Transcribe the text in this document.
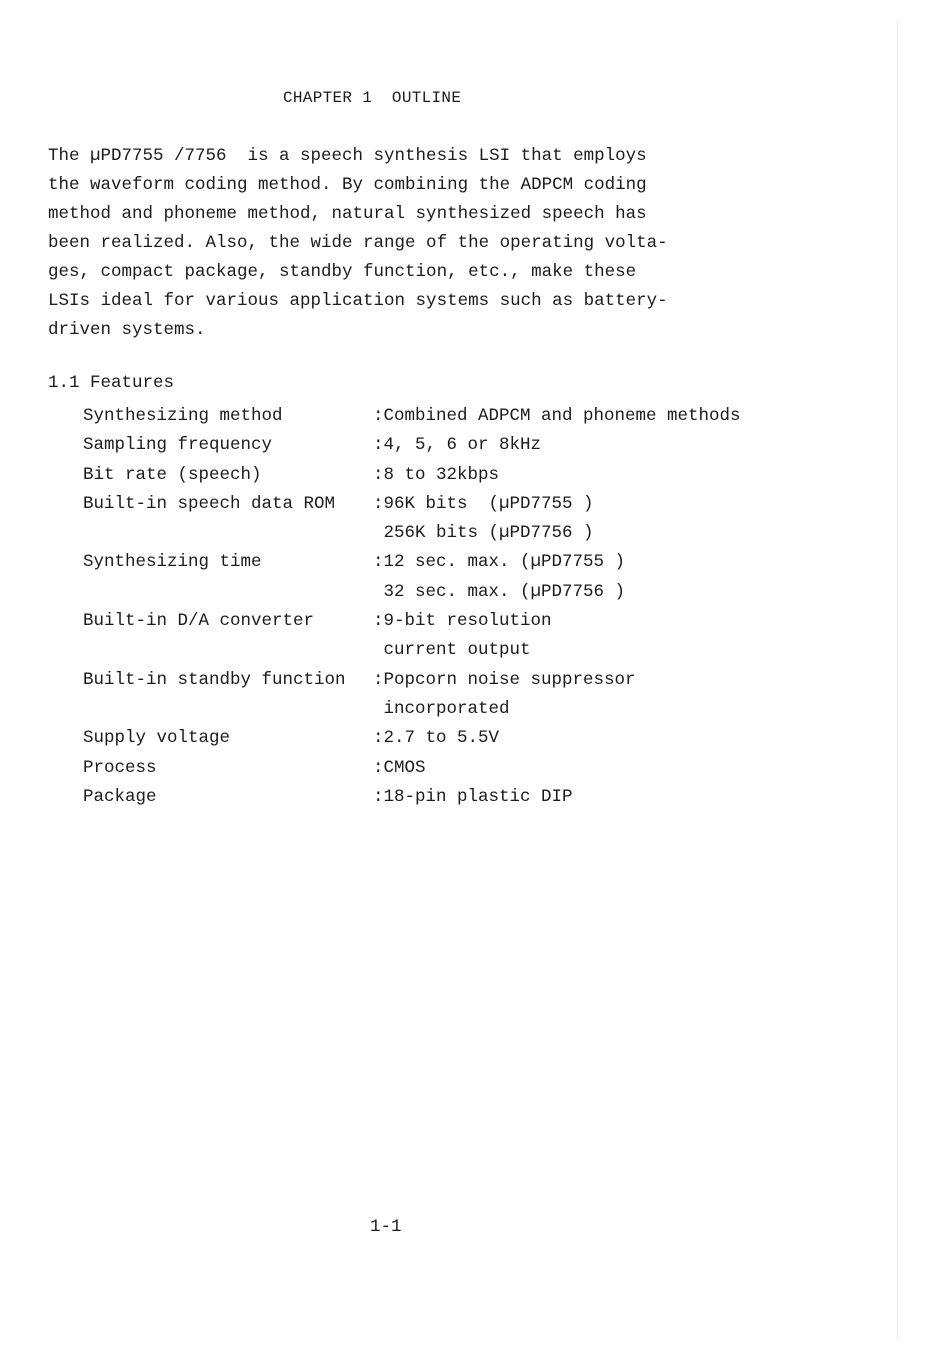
CHAPTER 1  OUTLINE
The µPD7755 /7756  is a speech synthesis LSI that employs
the waveform coding method. By combining the ADPCM coding
method and phoneme method, natural synthesized speech has
been realized. Also, the wide range of the operating volta-
ges, compact package, standby function, etc., make these
LSIs ideal for various application systems such as battery-
driven systems.
1.1 Features
Synthesizing method	:Combined ADPCM and phoneme methods
Sampling frequency	:4, 5, 6 or 8kHz
Bit rate (speech)	:8 to 32kbps
Built-in speech data ROM	:96K bits  (µPD7755 )
256K bits (µPD7756 )
Synthesizing time	:12 sec. max. (µPD7755 )
32 sec. max. (µPD7756 )
Built-in D/A converter	:9-bit resolution
current output
Built-in standby function	:Popcorn noise suppressor
incorporated
Supply voltage	:2.7 to 5.5V
Process	:CMOS
Package	:18-pin plastic DIP
1-1
